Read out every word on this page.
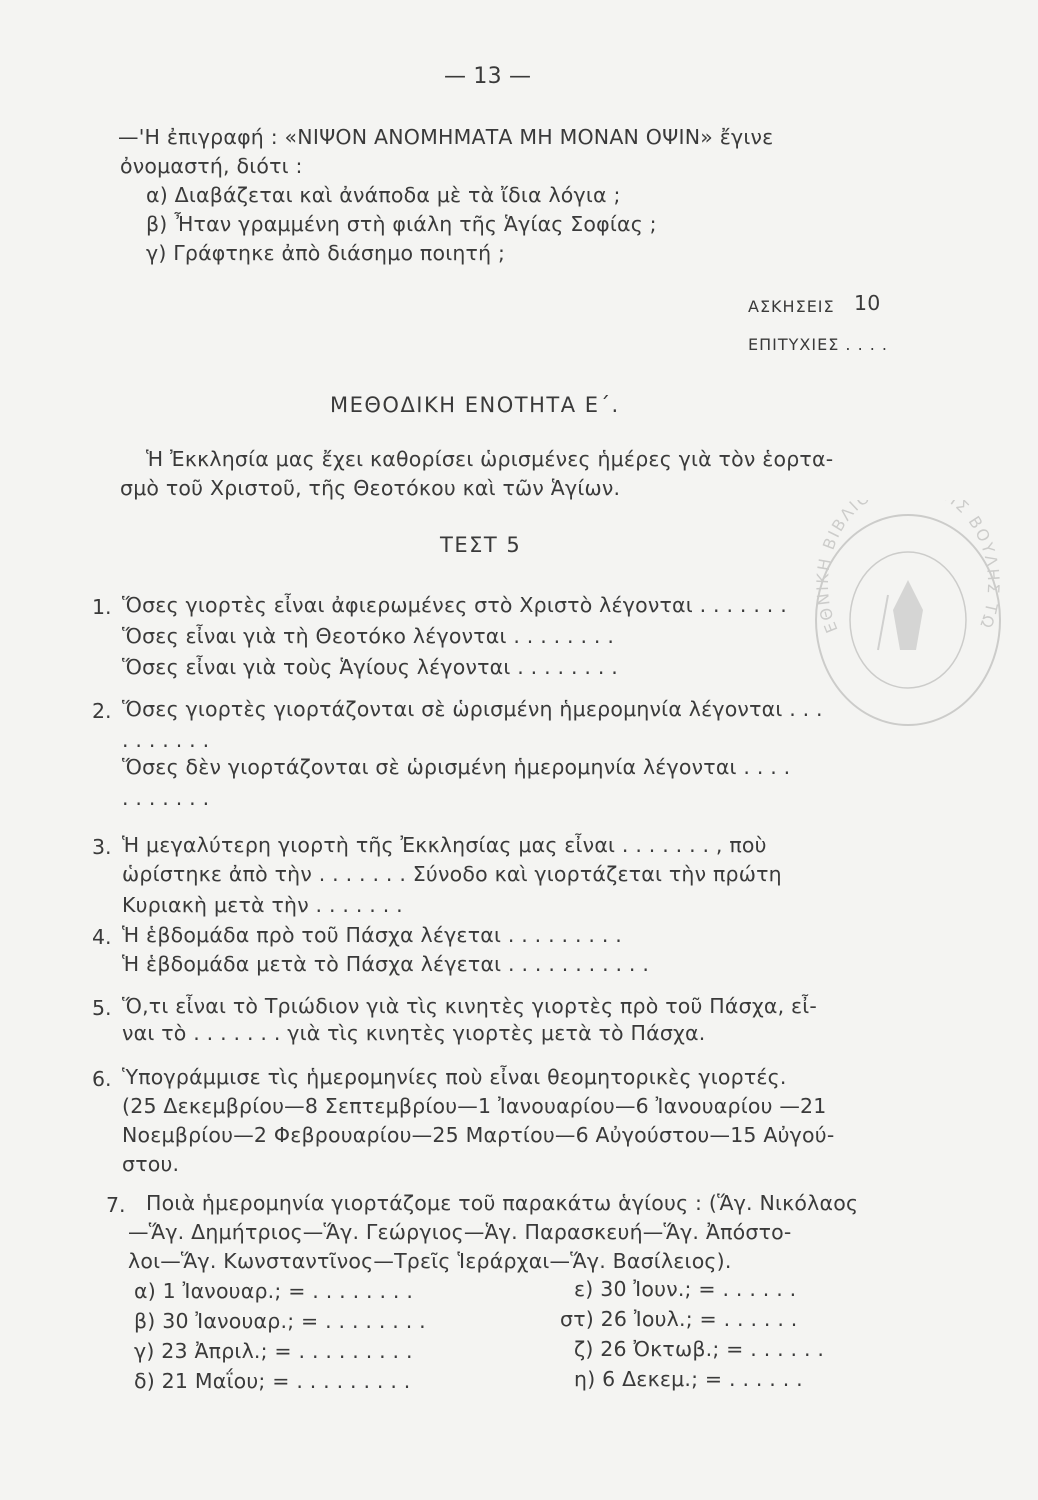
— 13 —
—'Η ἐπιγραφή : «ΝΙΨΟΝ ΑΝΟΜΗΜΑΤΑ ΜΗ ΜΟΝΑΝ ΟΨΙΝ» ἔγινε
ὀνομαστή, διότι :
α) Διαβάζεται καὶ ἀνάποδα μὲ τὰ ἴδια λόγια ;
β) Ἦταν γραμμένη στὴ φιάλη τῆς Ἁγίας Σοφίας ;
γ) Γράφτηκε ἀπὸ διάσημο ποιητή ;
ΑΣΚΗΣΕΙΣ 10
ΕΠΙΤΥΧΙΕΣ . . . .
ΜΕΘΟΔΙΚΗ ΕΝΟΤΗΤΑ Ε΄.
Ἡ Ἐκκλησία μας ἔχει καθορίσει ὡρισμένες ἡμέρες γιὰ τὸν ἑορτα-
σμὸ τοῦ Χριστοῦ, τῆς Θεοτόκου καὶ τῶν Ἁγίων.
ΤΕΣΤ 5
1. Ὅσες γιορτὲς εἶναι ἀφιερωμένες στὸ Χριστὸ λέγονται . . . . . . .
Ὅσες εἶναι γιὰ τὴ Θεοτόκο λέγονται . . . . . . . .
Ὅσες εἶναι γιὰ τοὺς Ἁγίους λέγονται . . . . . . . .
2. Ὅσες γιορτὲς γιορτάζονται σὲ ὡρισμένη ἡμερομηνία λέγονται . . .
. . . . . . .
Ὅσες δὲν γιορτάζονται σὲ ὡρισμένη ἡμερομηνία λέγονται . . . .
. . . . . . .
3. Ἡ μεγαλύτερη γιορτὴ τῆς Ἐκκλησίας μας εἶναι . . . . . . . , ποὺ
ὡρίστηκε ἀπὸ τὴν . . . . . . . Σύνοδο καὶ γιορτάζεται τὴν πρώτη
Κυριακὴ μετὰ τὴν . . . . . . .
4. Ἡ ἑβδομάδα πρὸ τοῦ Πάσχα λέγεται . . . . . . . . .
Ἡ ἑβδομάδα μετὰ τὸ Πάσχα λέγεται . . . . . . . . . . .
5. Ὅ,τι εἶναι τὸ Τριώδιον γιὰ τὶς κινητὲς γιορτὲς πρὸ τοῦ Πάσχα, εἶ-
ναι τὸ . . . . . . . γιὰ τὶς κινητὲς γιορτὲς μετὰ τὸ Πάσχα.
6. Ὑπογράμμισε τὶς ἡμερομηνίες ποὺ εἶναι θεομητορικὲς γιορτές.
(25 Δεκεμβρίου—8 Σεπτεμβρίου—1 Ἰανουαρίου—6 Ἰανουαρίου —21
Νοεμβρίου—2 Φεβρουαρίου—25 Μαρτίου—6 Αὐγούστου—15 Αὐγού-
στου.
7. Ποιὰ ἡμερομηνία γιορτάζομε τοῦ παρακάτω ἁγίους : (Ἅγ. Νικόλαος
—Ἅγ. Δημήτριος—Ἅγ. Γεώργιος—Ἁγ. Παρασκευή—Ἅγ. Ἀπόστο-
λοι—Ἅγ. Κωνσταντῖνος—Τρεῖς Ἱεράρχαι—Ἅγ. Βασίλειος).
α) 1 Ἰανουαρ.; = . . . . . . . .
β) 30 Ἰανουαρ.; = . . . . . . . .
γ) 23 Ἀπριλ.; = . . . . . . . . .
δ) 21 Μαΐου; = . . . . . . . . .
ε) 30 Ἰουν.; = . . . . . .
στ) 26 Ἰουλ.; = . . . . . .
ζ) 26 Ὀκτωβ.; = . . . . . .
η) 6 Δεκεμ.; = . . . . . .
ΕΘΝΙΚΗ ΒΙΒΛΙ Σ ΒΟΥΛΗΣ ΤΩ
